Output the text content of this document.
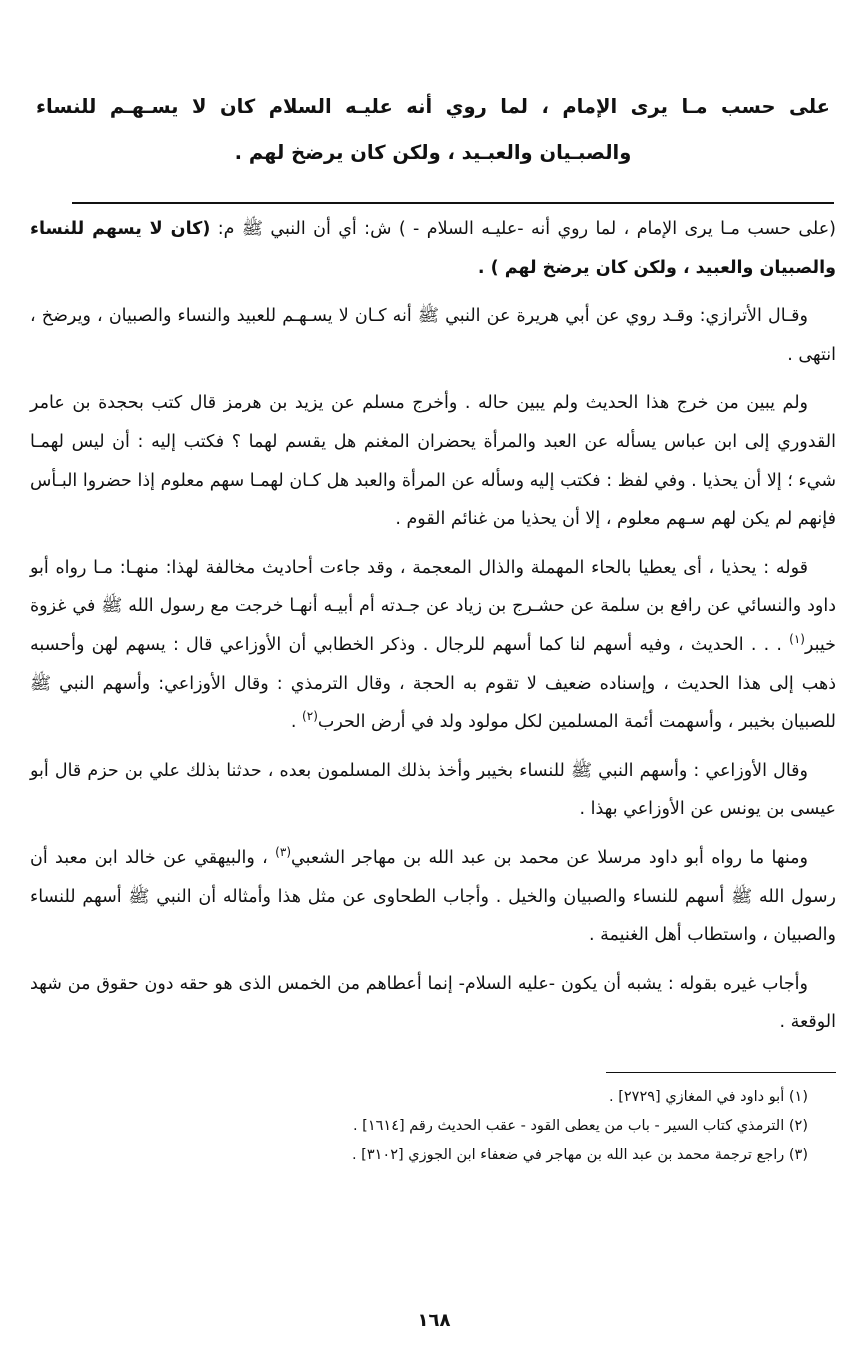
على حسب مـا يرى الإمام ، لما روي أنه عليـه السلام كان لا يسـهـم للنساء والصبـيان والعبـيد ، ولكن كان يرضخ لهم .

(على حسب مـا يرى الإمام ، لما روي أنه -عليـه السلام - ) ش: أي أن النبي ﷺ م: (كان لا يسهم للنساء والصبيان والعبيد ، ولكن كان يرضخ لهم ) .

وقـال الأترازي: وقـد روي عن أبي هريرة عن النبي ﷺ أنه كـان لا يسـهـم للعبيد والنساء والصبيان ، ويرضخ ، انتهى .

ولم يبين من خرج هذا الحديث ولم يبين حاله . وأخرج مسلم عن يزيد بن هرمز قال كتب بحجدة بن عامر القدوري إلى ابن عباس يسأله عن العبد والمرأة يحضران المغنم هل يقسم لهما ؟ فكتب إليه : أن ليس لهمـا شيء ؛ إلا أن يحذيا . وفي لفظ : فكتب إليه وسأله عن المرأة والعبد هل كـان لهمـا سهم معلوم إذا حضروا البـأس فإنهم لم يكن لهم سـهم معلوم ، إلا أن يحذيا من غنائم القوم .

قوله : يحذيا ، أى يعطيا بالحاء المهملة والذال المعجمة ، وقد جاءت أحاديث مخالفة لهذا: منهـا: مـا رواه أبو داود والنسائي عن رافع بن سلمة عن حشـرج بن زياد عن جـدته أم أبيـه أنهـا خرجت مع رسول الله ﷺ في غزوة خيبر$^{(١)}$ . . . الحديث ، وفيه أسهم لنا كما أسهم للرجال . وذكر الخطابي أن الأوزاعي قال : يسهم لهن وأحسبه ذهب إلى هذا الحديث ، وإسناده ضعيف لا تقوم به الحجة ، وقال الترمذي : وقال الأوزاعي: وأسهم النبي ﷺ للصبيان بخيبر ، وأسهمت أئمة المسلمين لكل مولود ولد في أرض الحرب$^{(٢)}$ .

وقال الأوزاعي : وأسهم النبي ﷺ للنساء بخيبر وأخذ بذلك المسلمون بعده ، حدثنا بذلك علي بن حزم قال أبو عيسى بن يونس عن الأوزاعي بهذا .

ومنها ما رواه أبو داود مرسلا عن محمد بن عبد الله بن مهاجر الشعبي$^{(٣)}$ ، والبيهقي عن خالد ابن معبد أن رسول الله ﷺ أسهم للنساء والصبيان والخيل . وأجاب الطحاوى عن مثل هذا وأمثاله أن النبي ﷺ أسهم للنساء والصبيان ، واستطاب أهل الغنيمة .

وأجاب غيره بقوله : يشبه أن يكون -عليه السلام- إنما أعطاهم من الخمس الذى هو حقه دون حقوق من شهد الوقعة .

(١) أبو داود في المغازي [٢٧٢٩] .
(٢) الترمذي كتاب السير - باب من يعطى القود - عقب الحديث رقم [١٦١٤] .
(٣) راجع ترجمة محمد بن عبد الله بن مهاجر في ضعفاء ابن الجوزي [٣١٠٢] .
١٦٨
